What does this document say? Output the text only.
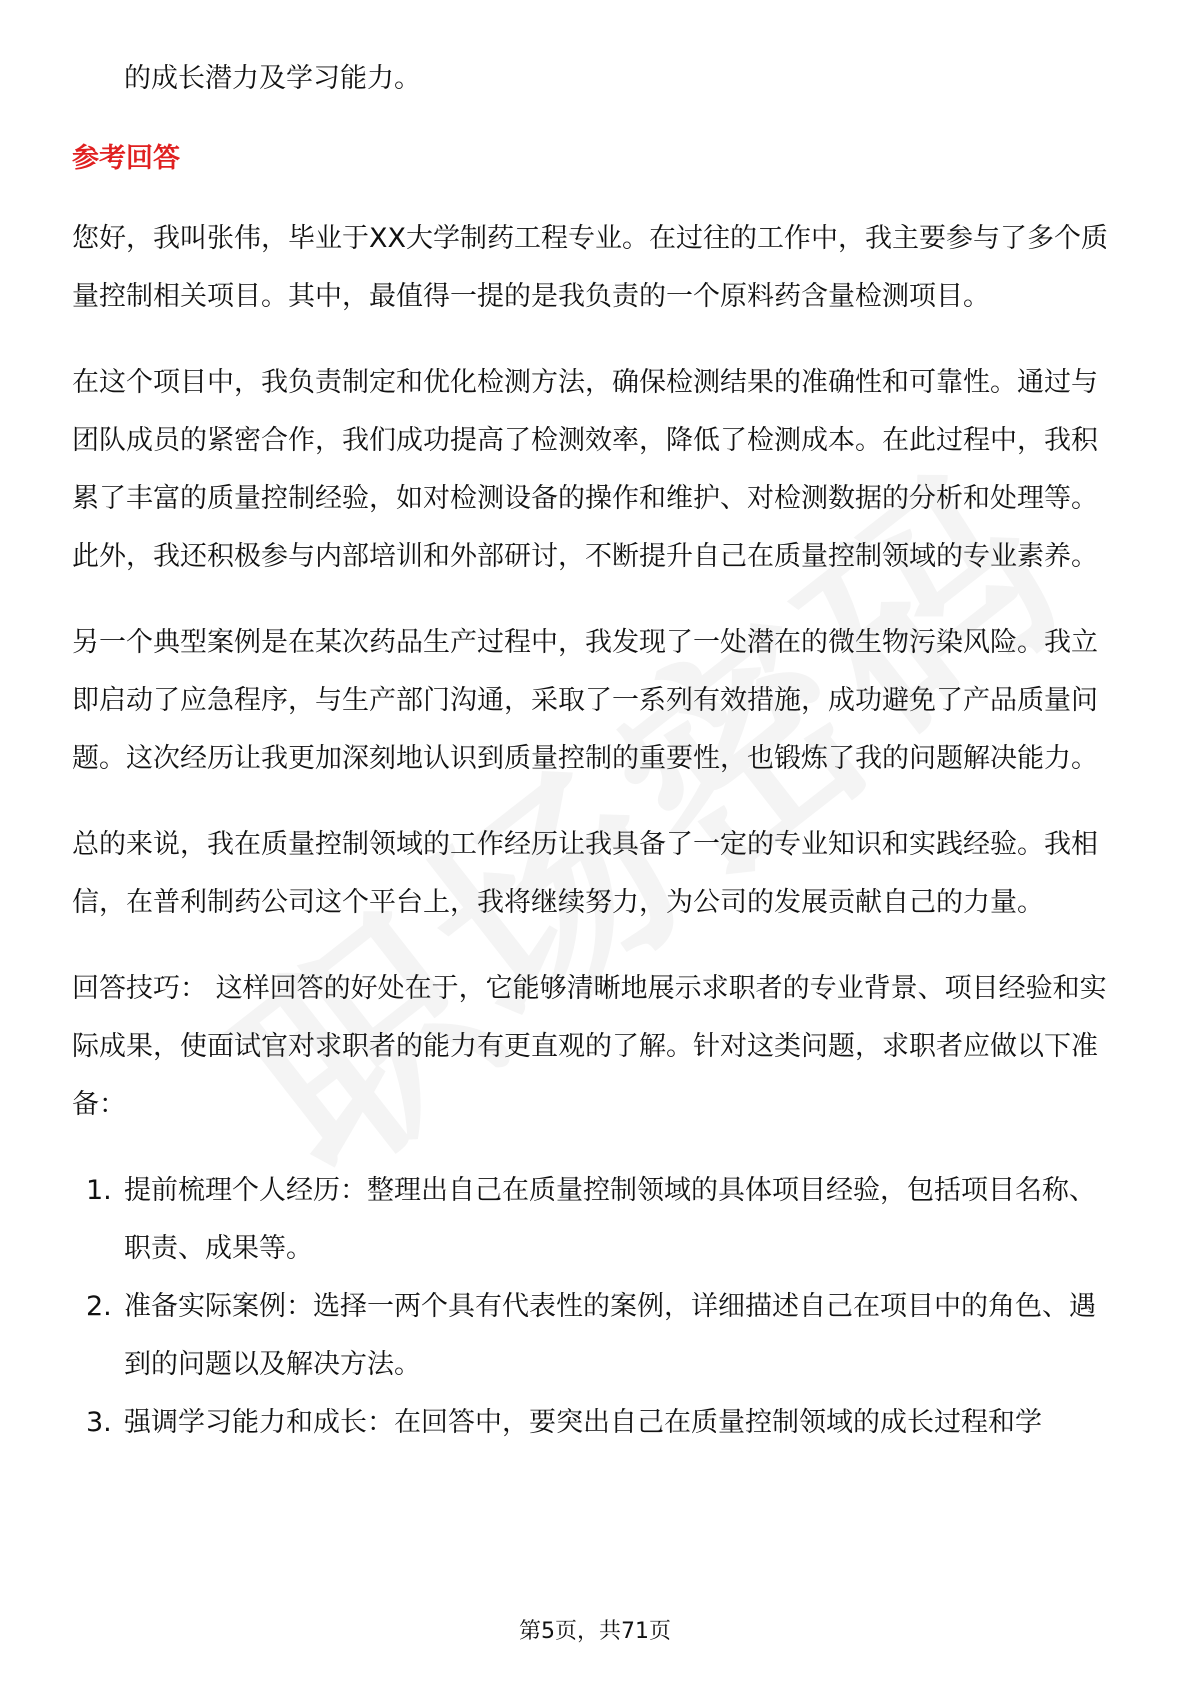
的成长潜力及学习能力。

参考回答

您好，我叫张伟，毕业于XX大学制药工程专业。在过往的工作中，我主要参与了多个质量控制相关项目。其中，最值得一提的是我负责的一个原料药含量检测项目。

在这个项目中，我负责制定和优化检测方法，确保检测结果的准确性和可靠性。通过与团队成员的紧密合作，我们成功提高了检测效率，降低了检测成本。在此过程中，我积累了丰富的质量控制经验，如对检测设备的操作和维护、对检测数据的分析和处理等。此外，我还积极参与内部培训和外部研讨，不断提升自己在质量控制领域的专业素养。

另一个典型案例是在某次药品生产过程中，我发现了一处潜在的微生物污染风险。我立即启动了应急程序，与生产部门沟通，采取了一系列有效措施，成功避免了产品质量问题。这次经历让我更加深刻地认识到质量控制的重要性，也锻炼了我的问题解决能力。

总的来说，我在质量控制领域的工作经历让我具备了一定的专业知识和实践经验。我相信，在普利制药公司这个平台上，我将继续努力，为公司的发展贡献自己的力量。

回答技巧： 这样回答的好处在于，它能够清晰地展示求职者的专业背景、项目经验和实际成果，使面试官对求职者的能力有更直观的了解。针对这类问题，求职者应做以下准备：

1. 提前梳理个人经历：整理出自己在质量控制领域的具体项目经验，包括项目名称、职责、成果等。
2. 准备实际案例：选择一两个具有代表性的案例，详细描述自己在项目中的角色、遇到的问题以及解决方法。
3. 强调学习能力和成长：在回答中，要突出自己在质量控制领域的成长过程和学
第5页，共71页
